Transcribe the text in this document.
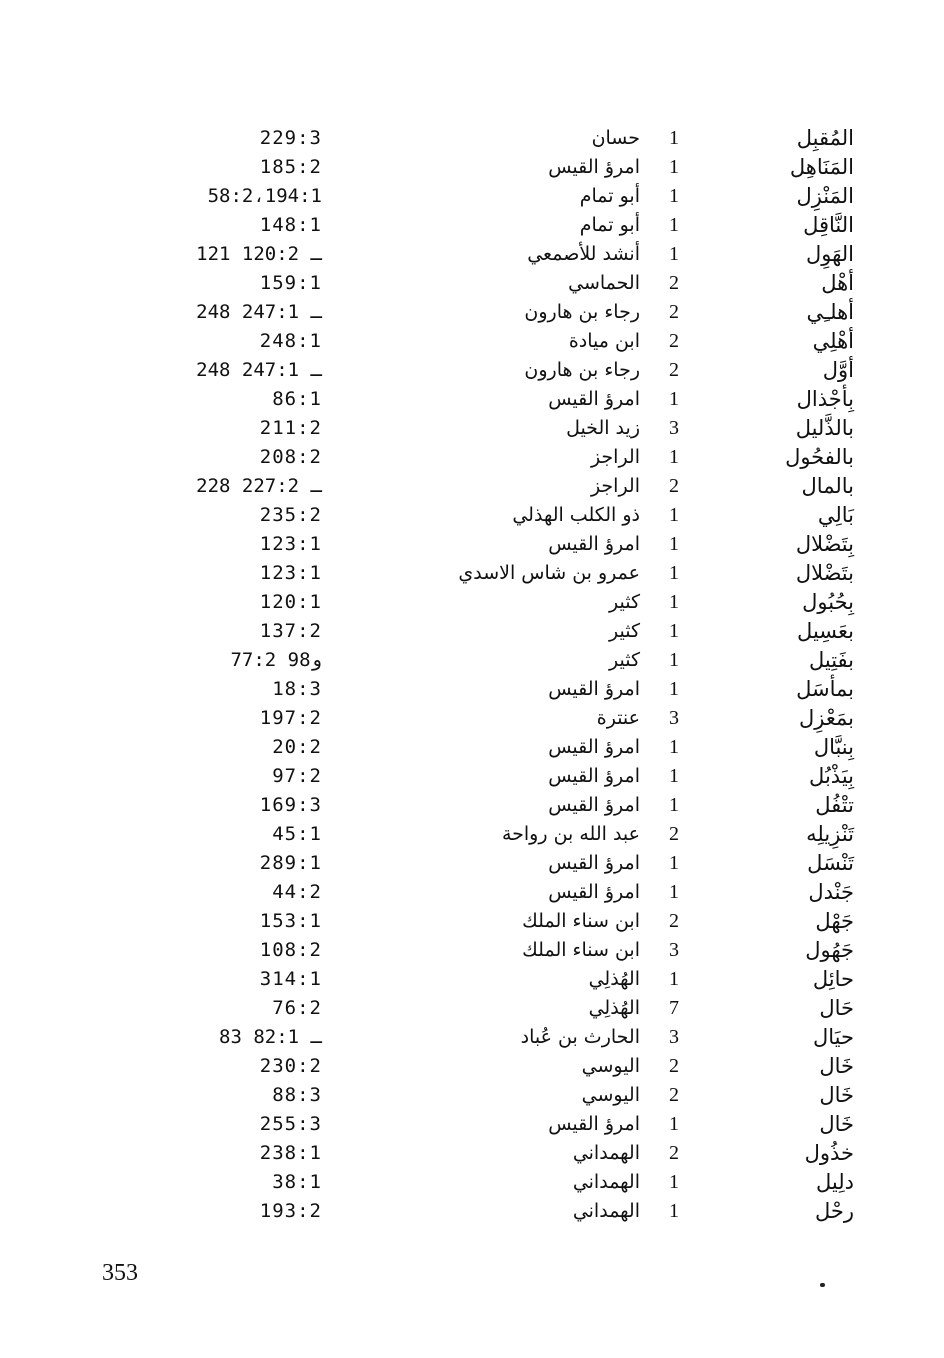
المُقبِل
1
حسان
229:3
المَنَاهِل
1
امرؤ القيس
185:2
المَنْزِل
1
أبو تمام
58:2،194:1
النَّاقِل
1
أبو تمام
148:1
الهَوِل
1
أنشد للأصمعي
121 ـ 120:2
أهْل
2
الحماسي
159:1
أهلـِي
2
رجاء بن هارون
248 ـ 247:1
أهْلِي
2
ابن ميادة
248:1
أوَّل
2
رجاء بن هارون
248 ـ 247:1
بِأجْذال
1
امرؤ القيس
86:1
بالذَّليل
3
زيد الخيل
211:2
بالفحُول
1
الراجز
208:2
بالمال
2
الراجز
228 ـ 227:2
بَالِي
1
ذو الكلب الهذلي
235:2
بِتَضْلال
1
امرؤ القيس
123:1
بتَضْلال
1
عمرو بن شاس الاسدي
123:1
بِحُبُول
1
كثير
120:1
بعَسِيل
1
كثير
137:2
بفَتِيل
1
كثير
77:2 و98
بمأسَل
1
امرؤ القيس
18:3
بمَعْزِل
3
عنترة
197:2
بِنبَّال
1
امرؤ القيس
20:2
بِيَذْبُل
1
امرؤ القيس
97:2
تتْفُل
1
امرؤ القيس
169:3
تَنْزِيلِه
2
عبد الله بن رواحة
45:1
تَنْسَل
1
امرؤ القيس
289:1
جَنْدل
1
امرؤ القيس
44:2
جَهْل
2
ابن سناء الملك
153:1
جَهُول
3
ابن سناء الملك
108:2
حائِل
1
الهُذلِي
314:1
حَال
7
الهُذلِي
76:2
حيَال
3
الحارث بن عُباد
83 ـ 82:1
خَال
2
اليوسي
230:2
خَال
2
اليوسي
88:3
خَال
1
امرؤ القيس
255:3
خذُول
2
الهمداني
238:1
دلِيل
1
الهمداني
38:1
رحْل
1
الهمداني
193:2
353
